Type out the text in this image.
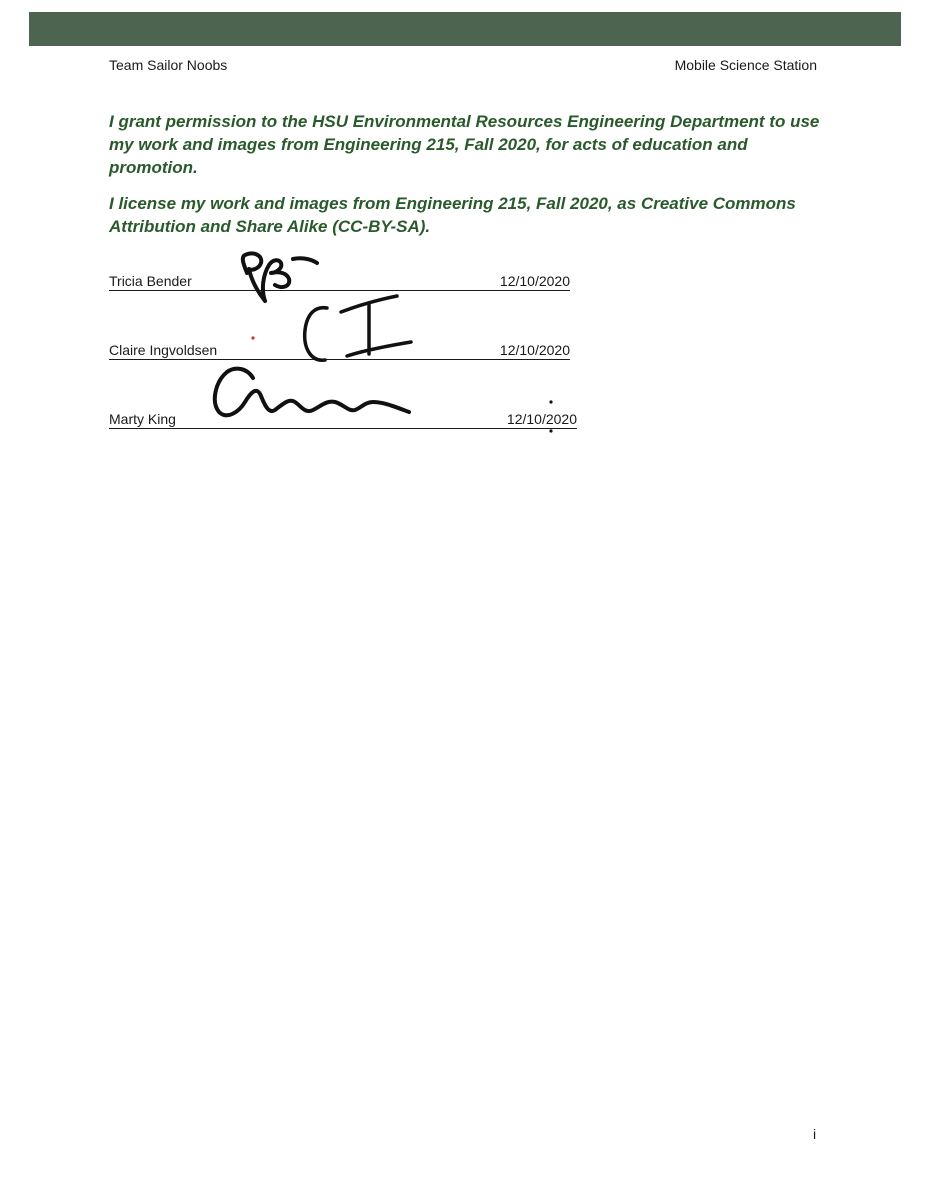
Team Sailor Noobs	Mobile Science Station

I grant permission to the HSU Environmental Resources Engineering Department to use my work and images from Engineering 215, Fall 2020, for acts of education and promotion.

I license my work and images from Engineering 215, Fall 2020, as Creative Commons Attribution and Share Alike (CC-BY-SA).

Tricia Bender	12/10/2020
Claire Ingvoldsen	12/10/2020
Marty King	12/10/2020
i
